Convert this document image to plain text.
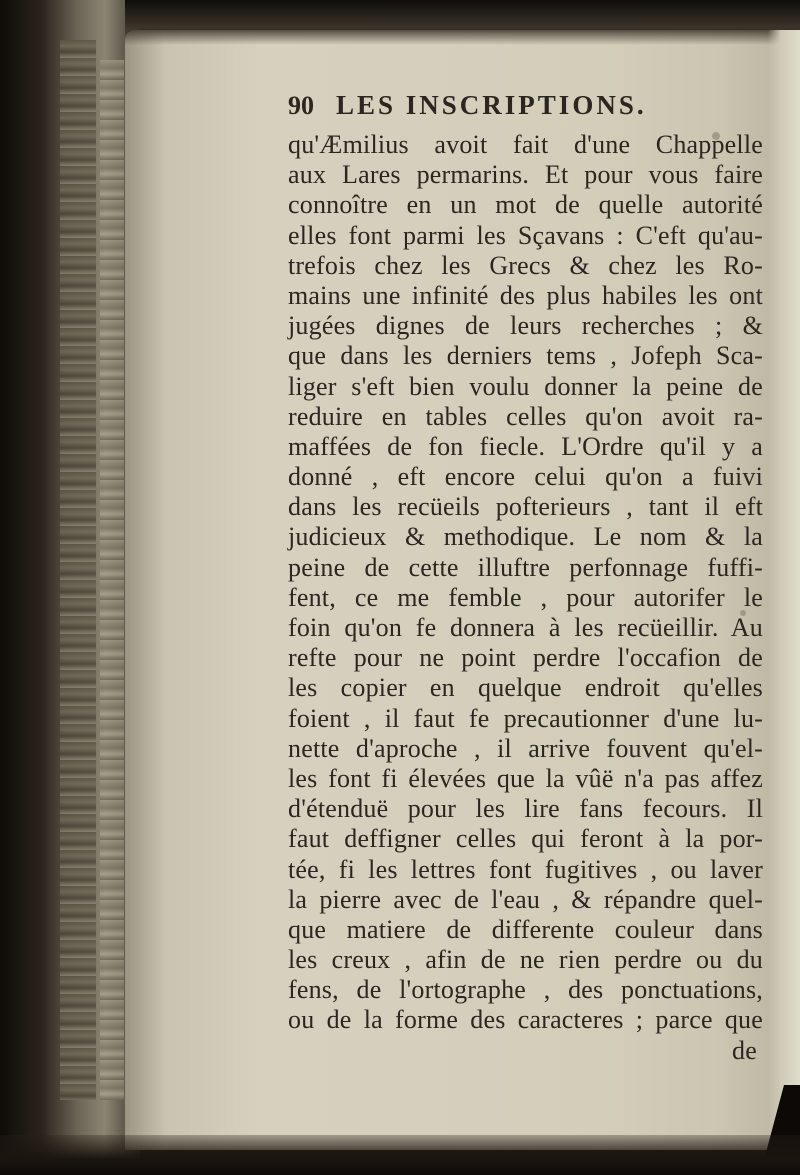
90 LES INSCRIPTIONS.
qu'Æmilius avoit fait d'une Chappelle
aux Lares permarins. Et pour vous faire
connoître en un mot de quelle autorité
elles font parmi les Sçavans : C'eft qu'au-
trefois chez les Grecs & chez les Ro-
mains une infinité des plus habiles les ont
jugées dignes de leurs recherches ; &
que dans les derniers tems , Jofeph Sca-
liger s'eft bien voulu donner la peine de
reduire en tables celles qu'on avoit ra-
maffées de fon fiecle. L'Ordre qu'il y a
donné , eft encore celui qu'on a fuivi
dans les recüeils pofterieurs , tant il eft
judicieux & methodique. Le nom & la
peine de cette illuftre perfonnage fuffi-
fent, ce me femble , pour autorifer le
foin qu'on fe donnera à les recüeillir. Au
refte pour ne point perdre l'occafion de
les copier en quelque endroit qu'elles
foient , il faut fe precautionner d'une lu-
nette d'aproche , il arrive fouvent qu'el-
les font fi élevées que la vûë n'a pas affez
d'étenduë pour les lire fans fecours. Il
faut deffigner celles qui feront à la por-
tée, fi les lettres font fugitives , ou laver
la pierre avec de l'eau , & répandre quel-
que matiere de differente couleur dans
les creux , afin de ne rien perdre ou du
fens, de l'ortographe , des ponctuations,
ou de la forme des caracteres ; parce que
de
